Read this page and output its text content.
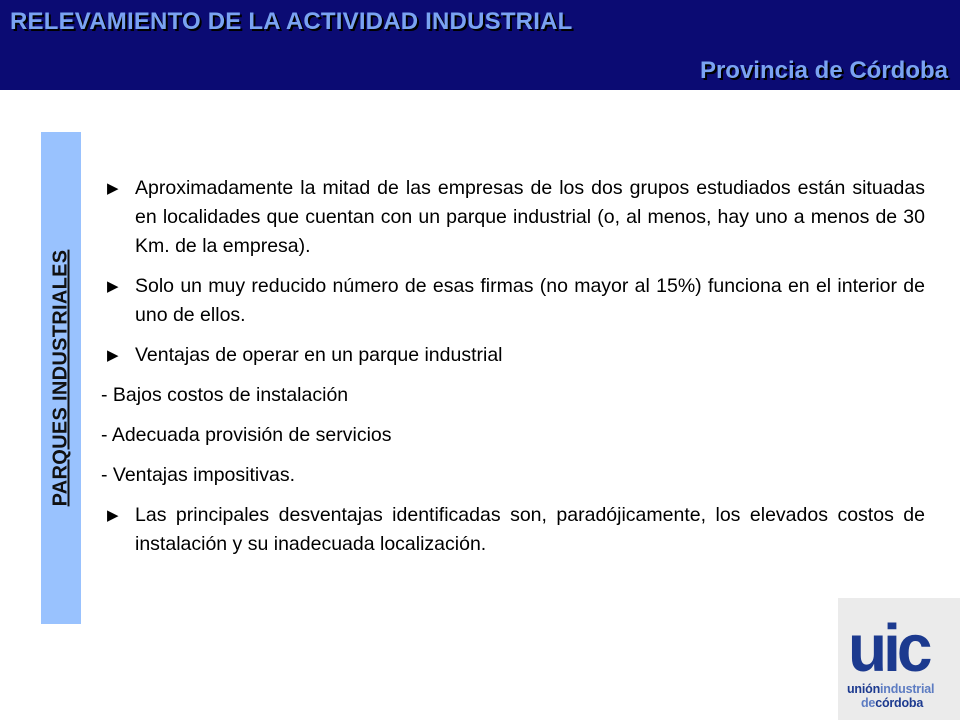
RELEVAMIENTO DE LA ACTIVIDAD INDUSTRIAL
Provincia de Córdoba
PARQUES INDUSTRIALES

▶ Aproximadamente la mitad de las empresas de los dos grupos estudiados están situadas en localidades que cuentan con un parque industrial (o, al menos, hay uno a menos de 30 Km. de la empresa).

▶ Solo un muy reducido número de esas firmas (no mayor al 15%) funciona en el interior de uno de ellos.

▶ Ventajas de operar en un parque industrial

- Bajos costos de instalación

- Adecuada provisión de servicios

- Ventajas impositivas.

▶ Las principales desventajas identificadas son, paradójicamente, los elevados costos de instalación y su inadecuada localización.

uic
uniónindustrial
decórdoba
